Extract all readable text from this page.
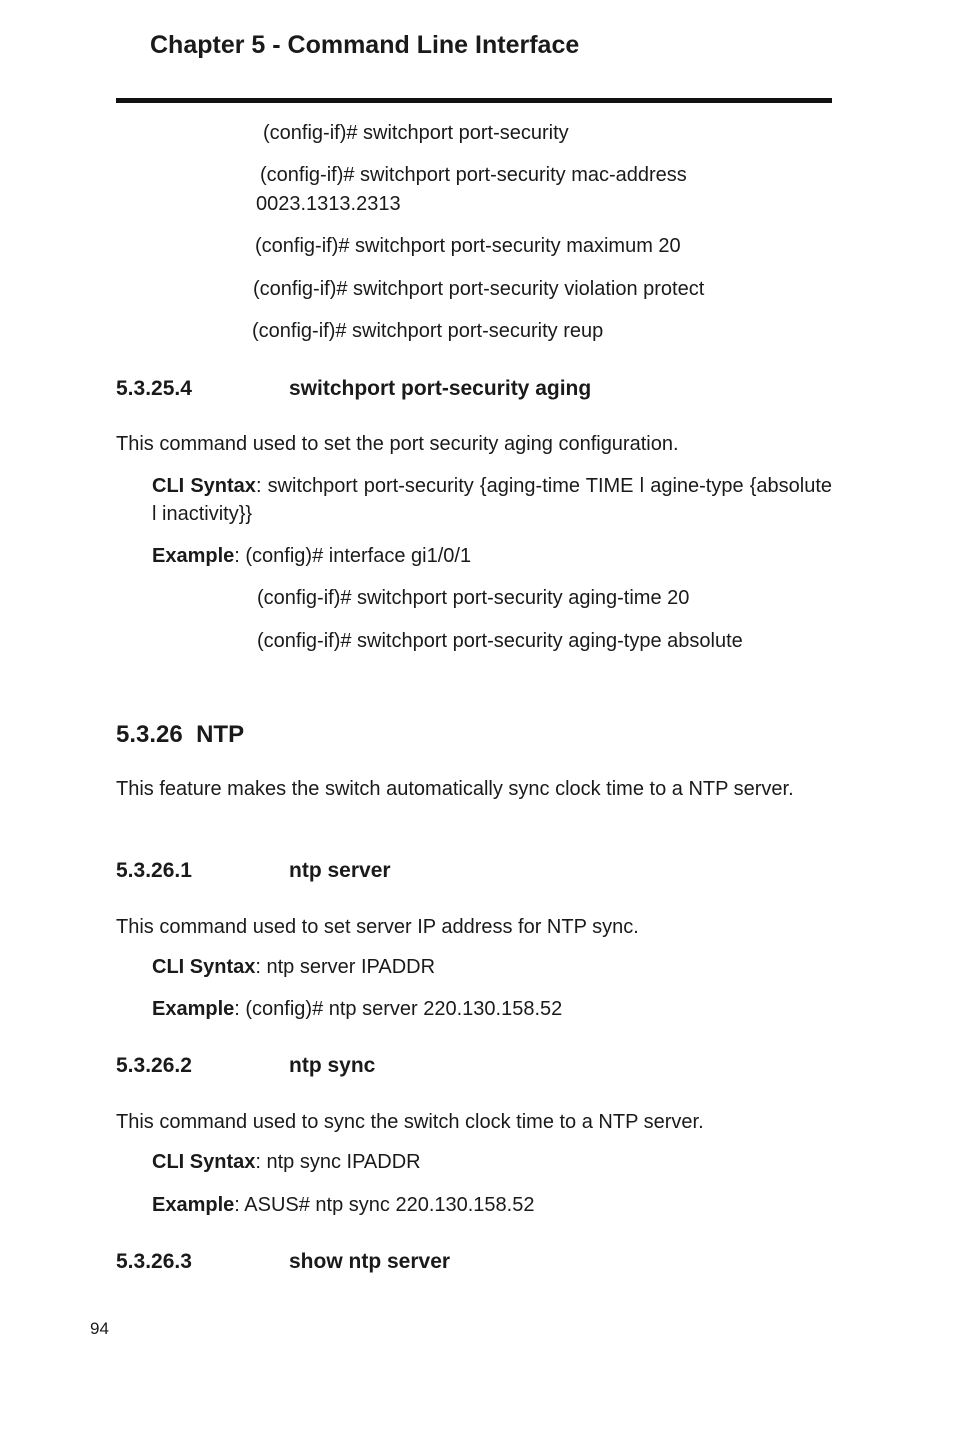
Chapter 5 - Command Line Interface
(config-if)# switchport port-security
(config-if)# switchport port-security mac-address
0023.1313.2313
(config-if)# switchport port-security maximum 20
(config-if)# switchport port-security violation protect
(config-if)# switchport port-security reup
5.3.25.4	switchport port-security aging
This command used to set the port security aging configuration.
CLI Syntax: switchport port-security {aging-time TIME l agine-type {absolute l inactivity}}
Example: (config)# interface gi1/0/1
(config-if)# switchport port-security aging-time 20
(config-if)# switchport port-security aging-type absolute
5.3.26 NTP
This feature makes the switch automatically sync clock time to a NTP server.
5.3.26.1	ntp server
This command used to set server IP address for NTP sync.
CLI Syntax: ntp server IPADDR
Example: (config)# ntp server 220.130.158.52
5.3.26.2	ntp sync
This command used to sync the switch clock time to a NTP server.
CLI Syntax: ntp sync IPADDR
Example: ASUS# ntp sync 220.130.158.52
5.3.26.3	show ntp server
94
